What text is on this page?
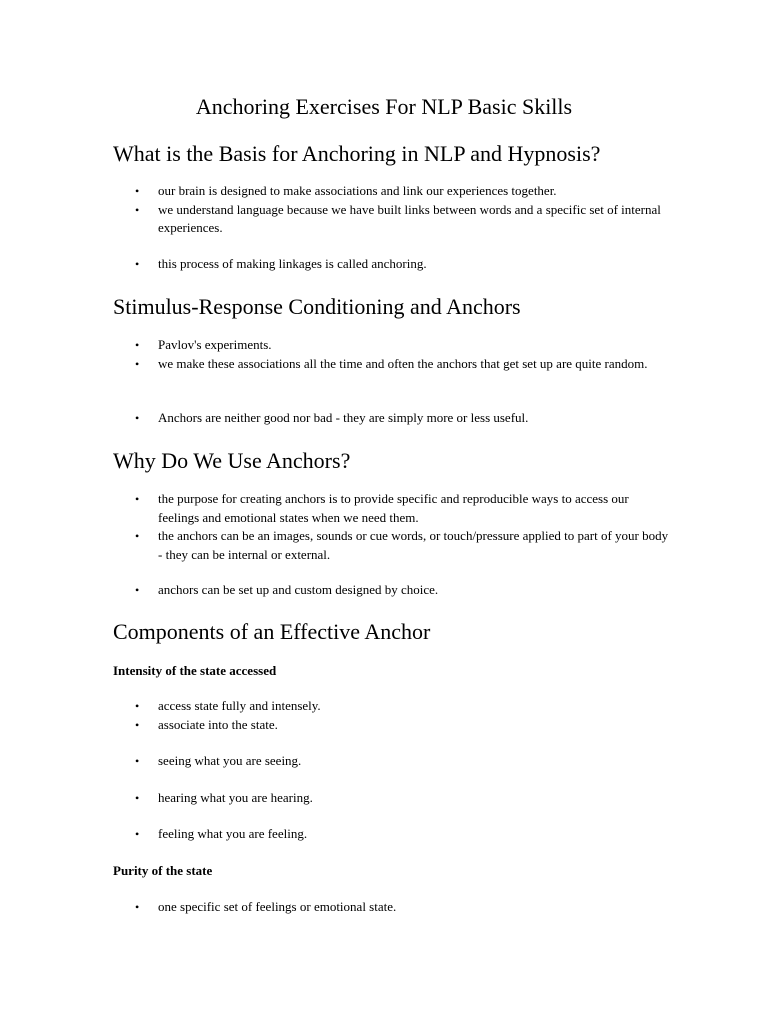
Anchoring Exercises For NLP Basic Skills
What is the Basis for Anchoring in NLP and Hypnosis?
• our brain is designed to make associations and link our experiences together.
• we understand language because we have built links between words and a specific set of internal experiences.
• this process of making linkages is called anchoring.
Stimulus-Response Conditioning and Anchors
• Pavlov's experiments.
• we make these associations all the time and often the anchors that get set up are quite random.
• Anchors are neither good nor bad - they are simply more or less useful.
Why Do We Use Anchors?
• the purpose for creating anchors is to provide specific and reproducible ways to access our feelings and emotional states when we need them.
• the anchors can be an images, sounds or cue words, or touch/pressure applied to part of your body - they can be internal or external.
• anchors can be set up and custom designed by choice.
Components of an Effective Anchor
Intensity of the state accessed
• access state fully and intensely.
• associate into the state.
• seeing what you are seeing.
• hearing what you are hearing.
• feeling what you are feeling.
Purity of the state
• one specific set of feelings or emotional state.
